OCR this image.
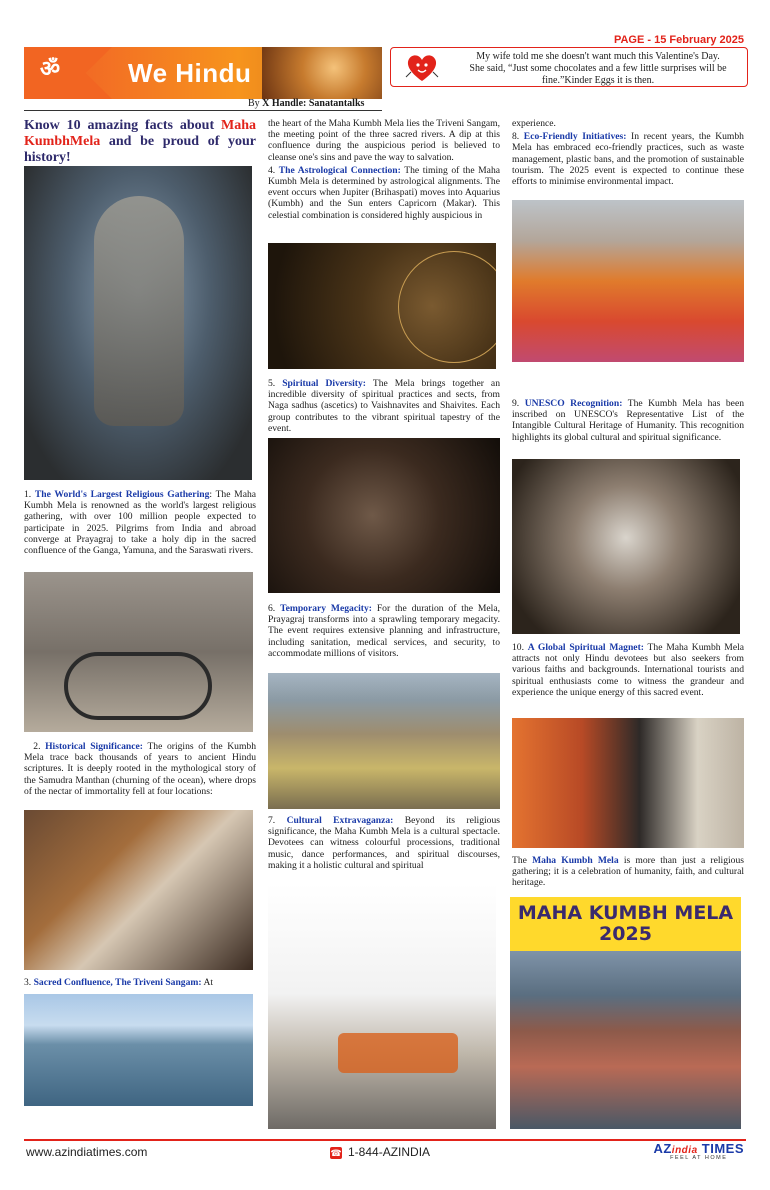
PAGE - 15 February 2025
ॐ	We Hindu
By X Handle: Sanatantalks
My wife told me she doesn't want much this Valentine's Day.
She said, “Just some chocolates and a few little surprises will be fine.”Kinder Eggs it is then.
Know 10 amazing facts about Maha KumbhMela and be proud of your history!

1. The World's Largest Religious Gathering: The Maha Kumbh Mela is renowned as the world's largest religious gathering, with over 100 million people expected to participate in 2025. Pilgrims from India and abroad converge at Prayagraj to take a holy dip in the sacred confluence of the Ganga, Yamuna, and the Saraswati rivers.

2. Historical Significance: The origins of the Kumbh Mela trace back thousands of years to ancient Hindu scriptures. It is deeply rooted in the mythological story of the Samudra Manthan (churning of the ocean), where drops of the nectar of immortality fell at four locations:

3. Sacred Confluence, The Triveni Sangam: At

the heart of the Maha Kumbh Mela lies the Triveni Sangam, the meeting point of the three sacred rivers. A dip at this confluence during the auspicious period is believed to cleanse one's sins and pave the way to salvation.

4. The Astrological Connection: The timing of the Maha Kumbh Mela is determined by astrological alignments. The event occurs when Jupiter (Brihaspati) moves into Aquarius (Kumbh) and the Sun enters Capricorn (Makar). This celestial combination is considered highly auspicious in

5. Spiritual Diversity: The Mela brings together an incredible diversity of spiritual practices and sects, from Naga sadhus (ascetics) to Vaishnavites and Shaivites. Each group contributes to the vibrant spiritual tapestry of the event.

6. Temporary Megacity: For the duration of the Mela, Prayagraj transforms into a sprawling temporary megacity. The event requires extensive planning and infrastructure, including sanitation, medical services, and security, to accommodate millions of visitors.

7. Cultural Extravaganza: Beyond its religious significance, the Maha Kumbh Mela is a cultural spectacle. Devotees can witness colourful processions, traditional music, dance performances, and spiritual discourses, making it a holistic cultural and spiritual

experience.

8. Eco-Friendly Initiatives: In recent years, the Kumbh Mela has embraced eco-friendly practices, such as waste management, plastic bans, and the promotion of sustainable tourism. The 2025 event is expected to continue these efforts to minimise environmental impact.

9. UNESCO Recognition: The Kumbh Mela has been inscribed on UNESCO's Representative List of the Intangible Cultural Heritage of Humanity. This recognition highlights its global cultural and spiritual significance.

10. A Global Spiritual Magnet: The Maha Kumbh Mela attracts not only Hindu devotees but also seekers from various faiths and backgrounds. International tourists and spiritual enthusiasts come to witness the grandeur and experience the unique energy of this sacred event.

The Maha Kumbh Mela is more than just a religious gathering; it is a celebration of humanity, faith, and cultural heritage.

MAHA KUMBH MELA
2025
www.azindiatimes.com	☎ 1-844-AZINDIA	AZindia TIMES
FEEL AT HOME
